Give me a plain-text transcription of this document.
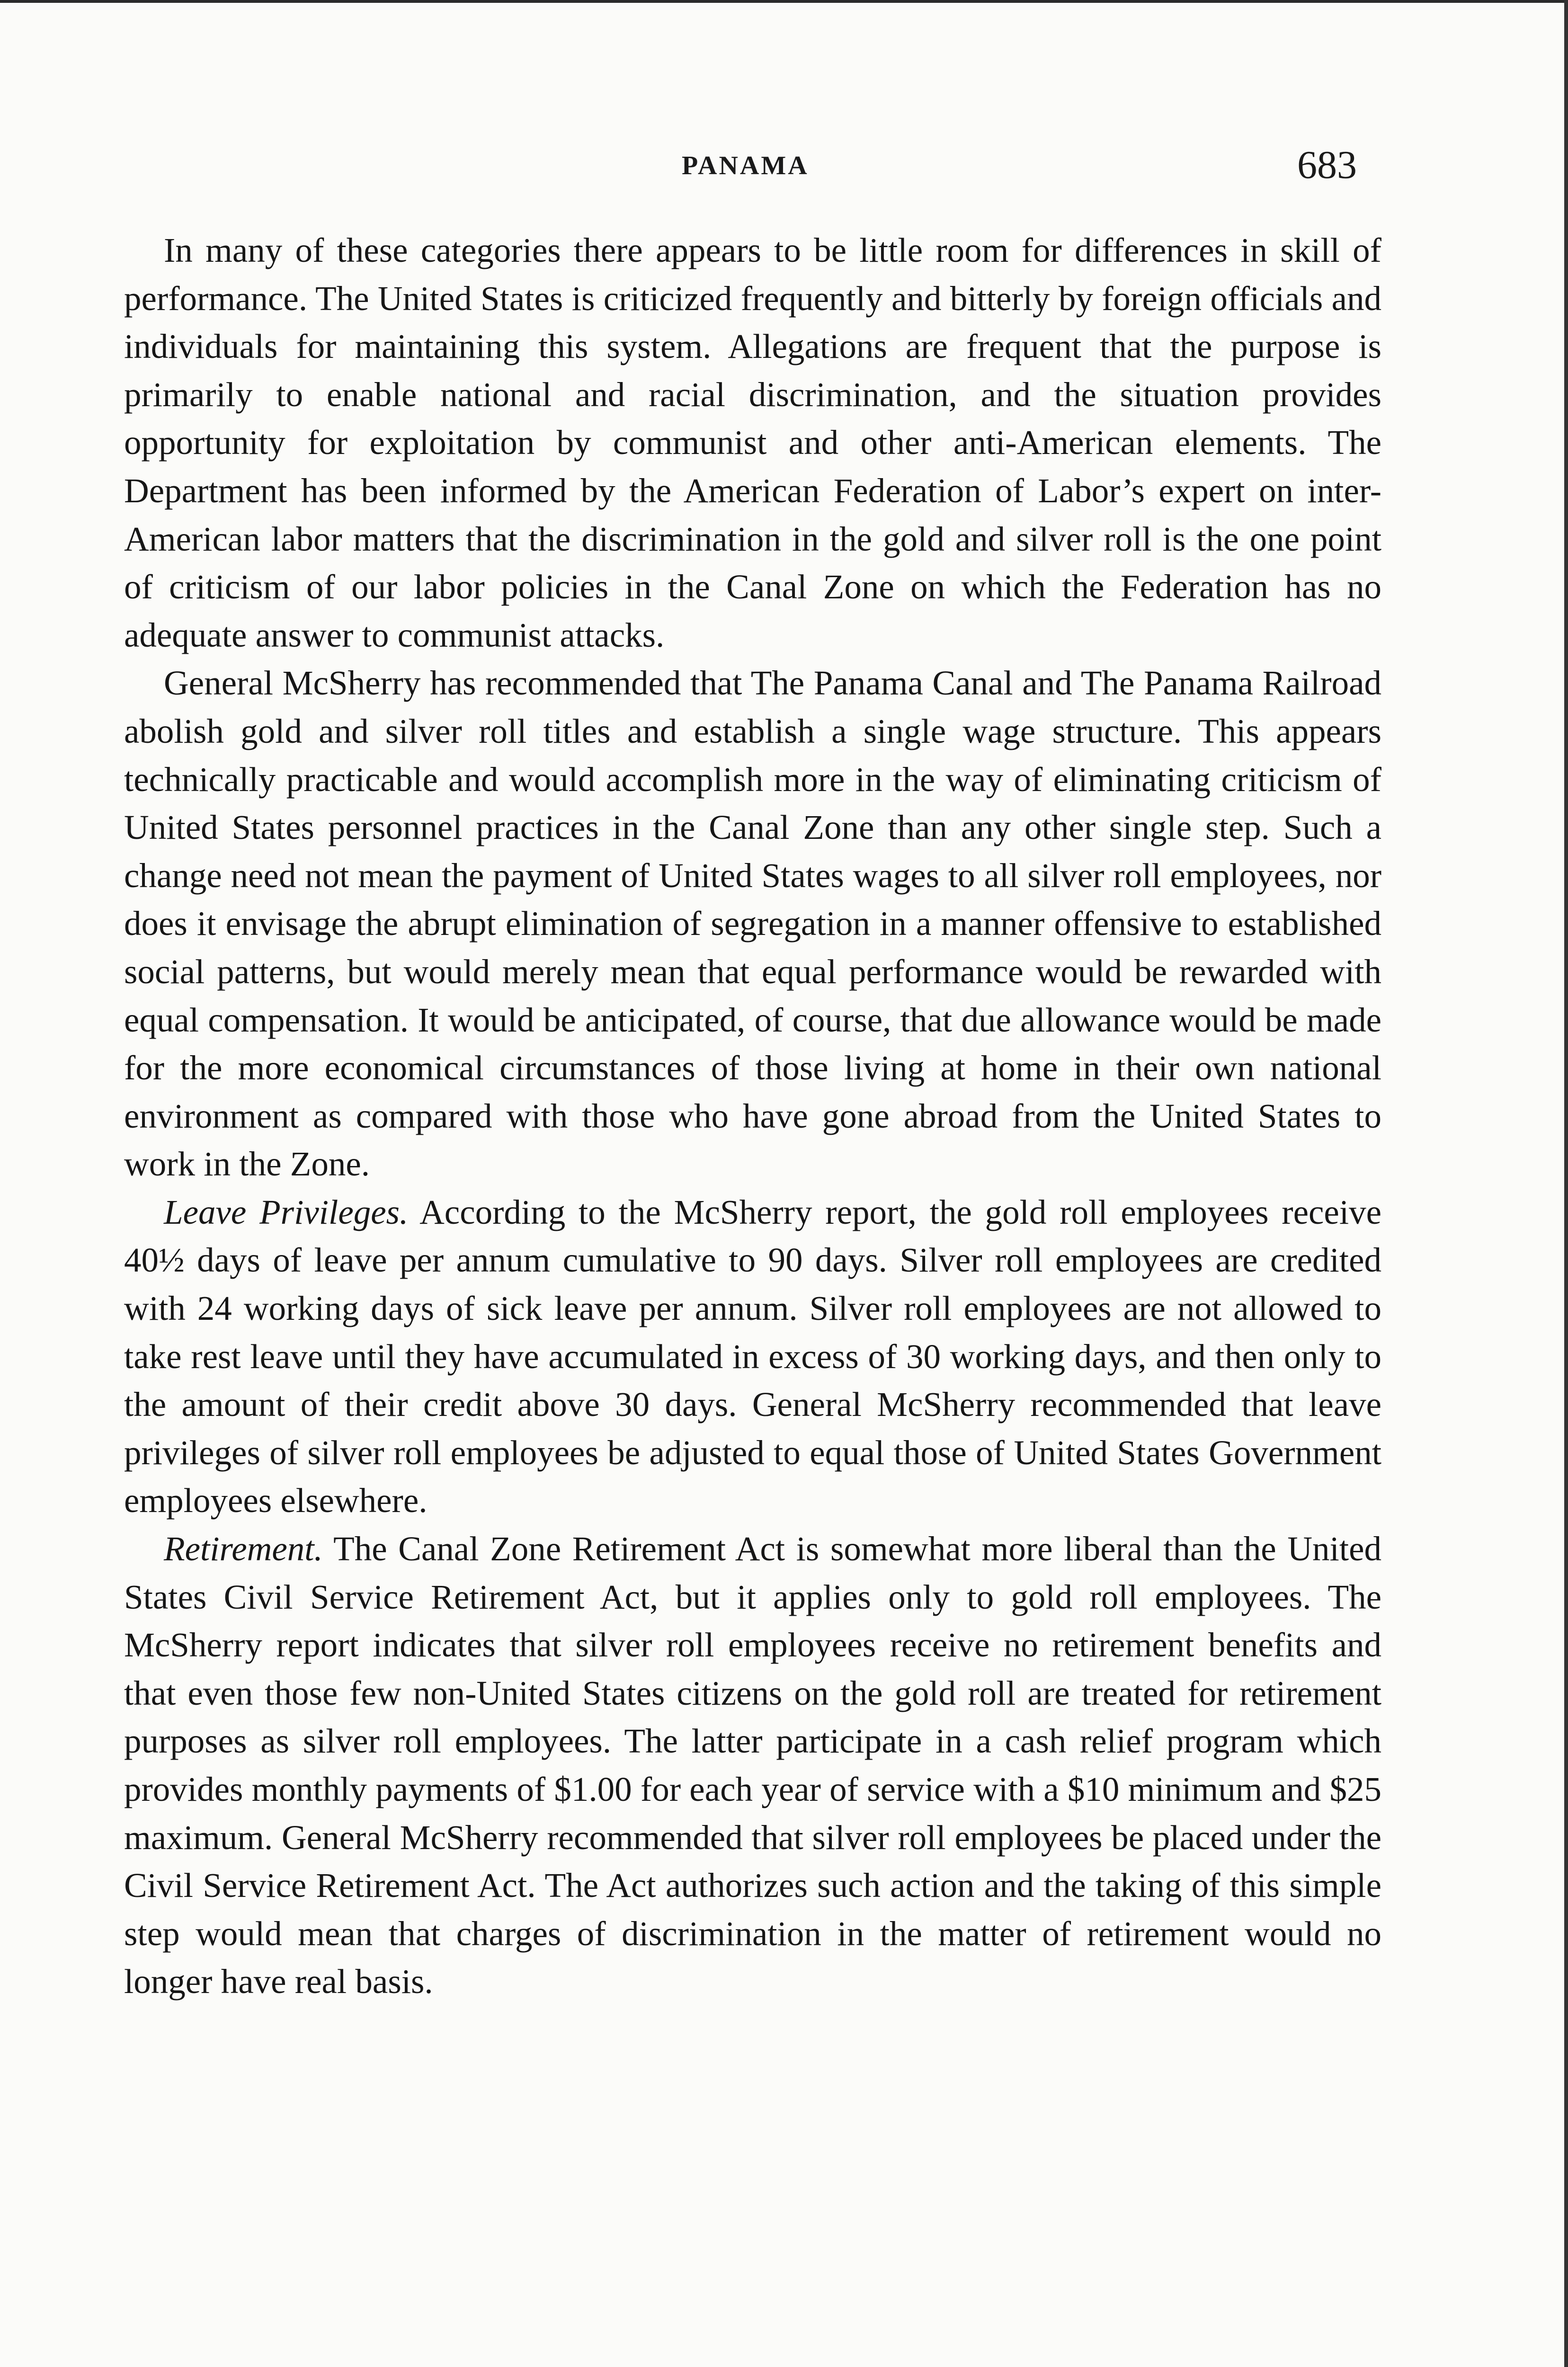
PANAMA	683

In many of these categories there appears to be little room for differences in skill of performance. The United States is criticized frequently and bitterly by foreign officials and individuals for maintaining this system. Allegations are frequent that the purpose is primarily to enable national and racial discrimination, and the situation provides opportunity for exploitation by communist and other anti-American elements. The Department has been informed by the American Federation of Labor’s expert on inter-American labor matters that the discrimination in the gold and silver roll is the one point of criticism of our labor policies in the Canal Zone on which the Federation has no adequate answer to communist attacks.

General McSherry has recommended that The Panama Canal and The Panama Railroad abolish gold and silver roll titles and establish a single wage structure. This appears technically practicable and would accomplish more in the way of eliminating criticism of United States personnel practices in the Canal Zone than any other single step. Such a change need not mean the payment of United States wages to all silver roll employees, nor does it envisage the abrupt elimination of segregation in a manner offensive to established social patterns, but would merely mean that equal performance would be rewarded with equal compensation. It would be anticipated, of course, that due allowance would be made for the more economical circumstances of those living at home in their own national environment as compared with those who have gone abroad from the United States to work in the Zone.

Leave Privileges. According to the McSherry report, the gold roll employees receive 40½ days of leave per annum cumulative to 90 days. Silver roll employees are credited with 24 working days of sick leave per annum. Silver roll employees are not allowed to take rest leave until they have accumulated in excess of 30 working days, and then only to the amount of their credit above 30 days. General McSherry recommended that leave privileges of silver roll employees be adjusted to equal those of United States Government employees elsewhere.

Retirement. The Canal Zone Retirement Act is somewhat more liberal than the United States Civil Service Retirement Act, but it applies only to gold roll employees. The McSherry report indicates that silver roll employees receive no retirement benefits and that even those few non-United States citizens on the gold roll are treated for retirement purposes as silver roll employees. The latter participate in a cash relief program which provides monthly payments of $1.00 for each year of service with a $10 minimum and $25 maximum. General McSherry recommended that silver roll employees be placed under the Civil Service Retirement Act. The Act authorizes such action and the taking of this simple step would mean that charges of discrimination in the matter of retirement would no longer have real basis.
